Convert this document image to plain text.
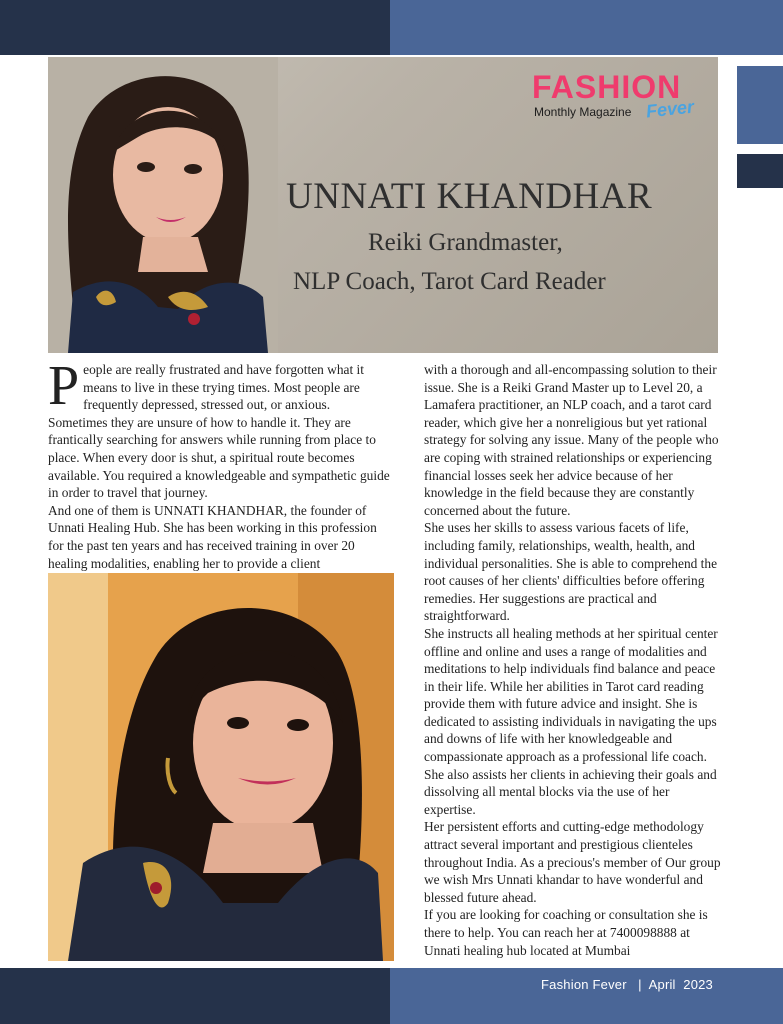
FASHION
Monthly Magazine Fever
UNNATI KHANDHAR
Reiki Grandmaster,
NLP Coach, Tarot Card Reader

People are really frustrated and have forgotten what it means to live in these trying times. Most people are frequently depressed, stressed out, or anxious. Sometimes they are unsure of how to handle it. They are frantically searching for answers while running from place to place. When every door is shut, a spiritual route becomes available. You required a knowledgeable and sympathetic guide in order to travel that journey.

And one of them is UNNATI KHANDHAR, the founder of Unnati Healing Hub. She has been working in this profession for the past ten years and has received training in over 20 healing modalities, enabling her to provide a client

with a thorough and all-encompassing solution to their issue. She is a Reiki Grand Master up to Level 20, a Lamafera practitioner, an NLP coach, and a tarot card reader, which give her a nonreligious but yet rational strategy for solving any issue. Many of the people who are coping with strained relationships or experiencing financial losses seek her advice because of her knowledge in the field because they are constantly concerned about the future.

She uses her skills to assess various facets of life, including family, relationships, wealth, health, and individual personalities. She is able to comprehend the root causes of her clients' difficulties before offering remedies. Her suggestions are practical and straightforward.

She instructs all healing methods at her spiritual center offline and online and uses a range of modalities and meditations to help individuals find balance and peace in their life. While her abilities in Tarot card reading provide them with future advice and insight. She is dedicated to assisting individuals in navigating the ups and downs of life with her knowledgeable and compassionate approach as a professional life coach. She also assists her clients in achieving their goals and dissolving all mental blocks via the use of her expertise.

Her persistent efforts and cutting-edge methodology attract several important and prestigious clienteles throughout India. As a precious's member of Our group we wish Mrs Unnati khandar to have wonderful and blessed future ahead.

If you are looking for coaching or consultation she is there to help. You can reach her at 7400098888 at Unnati healing hub located at Mumbai

Fashion Fever   |  April  2023
